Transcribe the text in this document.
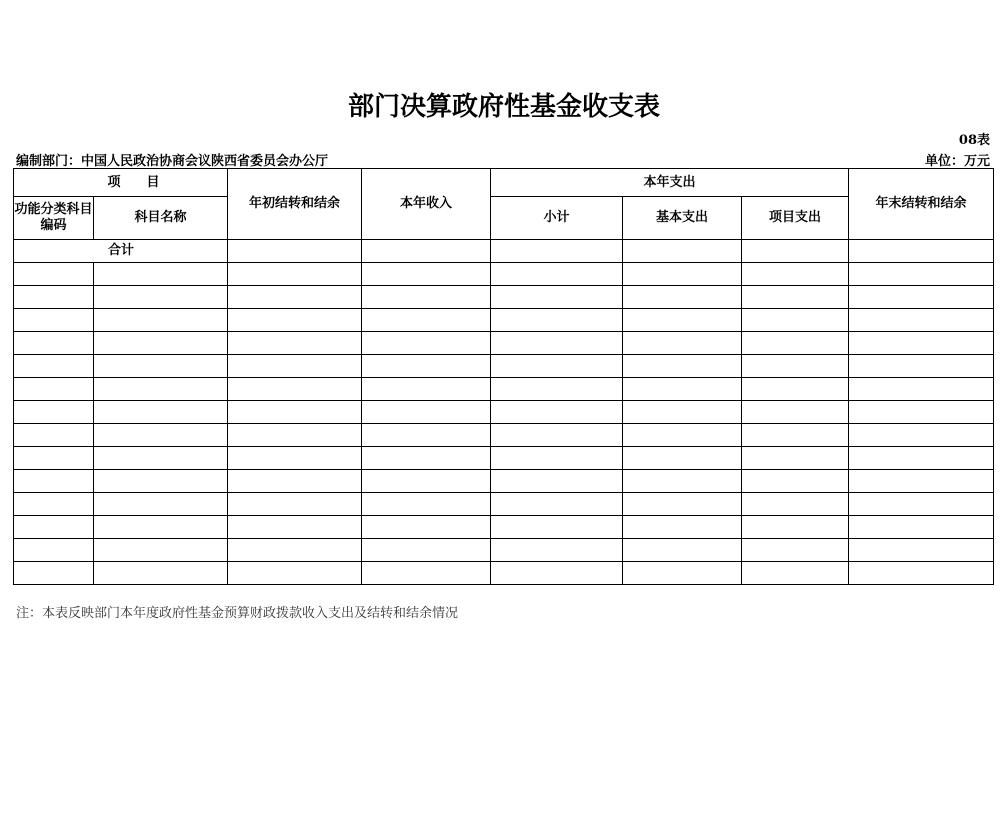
部门决算政府性基金收支表
08表
编制部门：中国人民政治协商会议陕西省委员会办公厅	单位：万元
项目		年初结转和结余	本年收入	本年支出			年末结转和结余
功能分类科目编码	科目名称			小计	基本支出	项目支出	
合计							

注：本表反映部门本年度政府性基金预算财政拨款收入支出及结转和结余情况
